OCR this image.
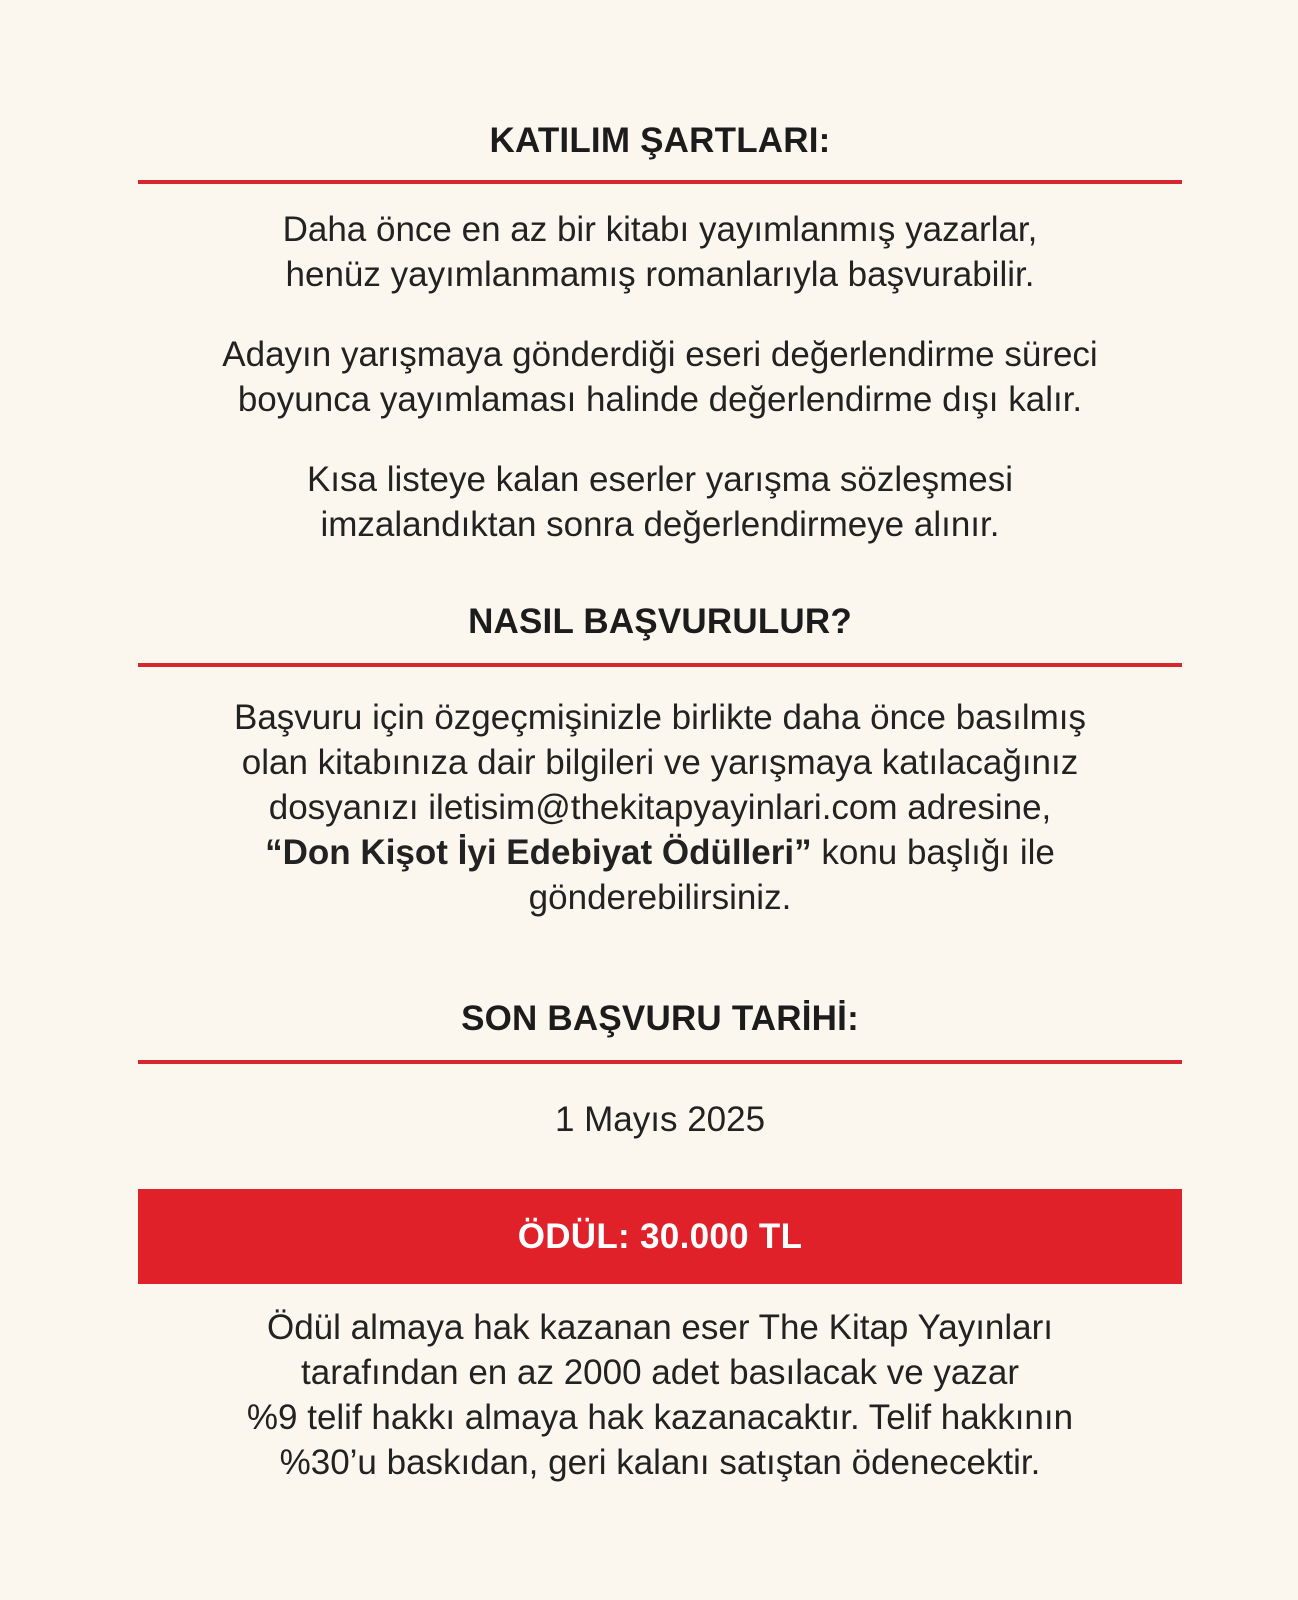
KATILIM ŞARTLARI:
Daha önce en az bir kitabı yayımlanmış yazarlar,
henüz yayımlanmamış romanlarıyla başvurabilir.
Adayın yarışmaya gönderdiği eseri değerlendirme süreci
boyunca yayımlaması halinde değerlendirme dışı kalır.
Kısa listeye kalan eserler yarışma sözleşmesi
imzalandıktan sonra değerlendirmeye alınır.
NASIL BAŞVURULUR?
Başvuru için özgeçmişinizle birlikte daha önce basılmış
olan kitabınıza dair bilgileri ve yarışmaya katılacağınız
dosyanızı iletisim@thekitapyayinlari.com adresine,
“Don Kişot İyi Edebiyat Ödülleri” konu başlığı ile
gönderebilirsiniz.
SON BAŞVURU TARİHİ:
1 Mayıs 2025
ÖDÜL: 30.000 TL
Ödül almaya hak kazanan eser The Kitap Yayınları
tarafından en az 2000 adet basılacak ve yazar
%9 telif hakkı almaya hak kazanacaktır. Telif hakkının
%30’u baskıdan, geri kalanı satıştan ödenecektir.
